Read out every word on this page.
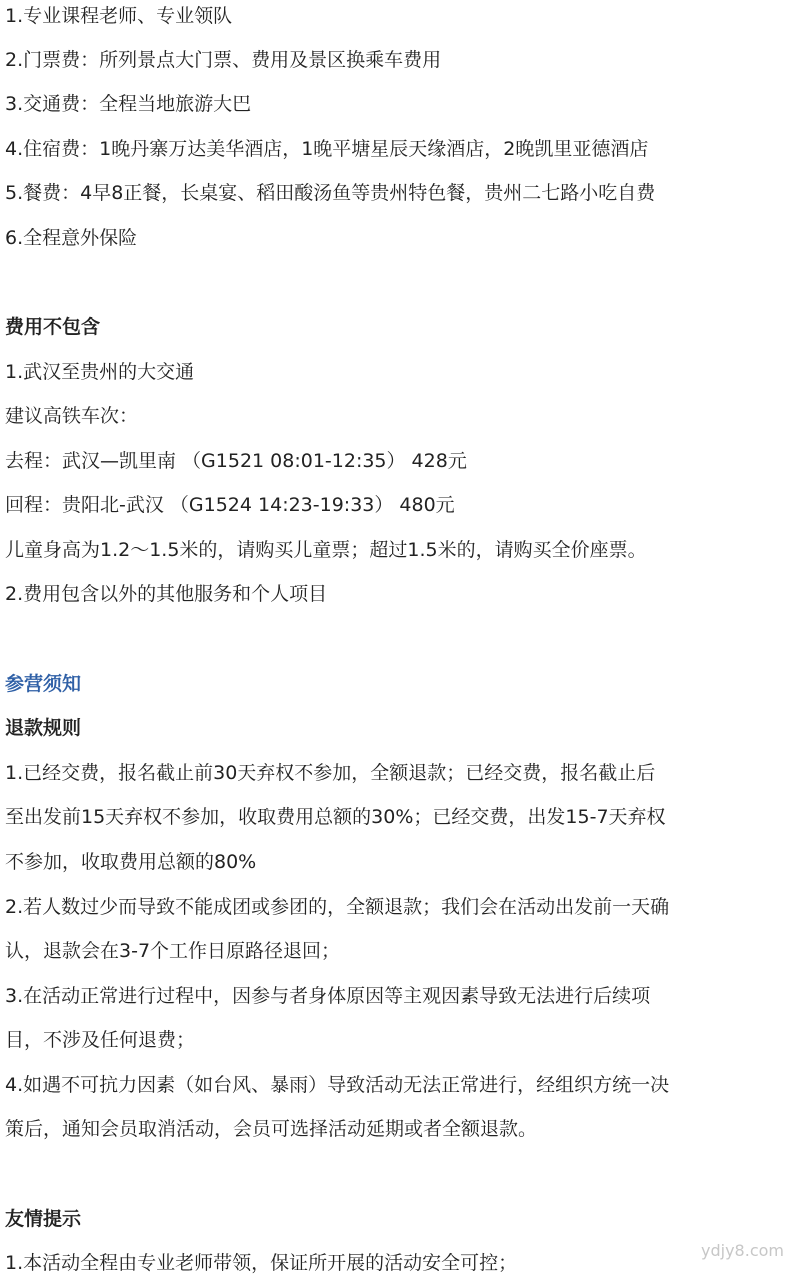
1.专业课程老师、专业领队
2.门票费：所列景点大门票、费用及景区换乘车费用
3.交通费：全程当地旅游大巴
4.住宿费：1晚丹寨万达美华酒店，1晚平塘星辰天缘酒店，2晚凯里亚德酒店
5.餐费：4早8正餐，长桌宴、稻田酸汤鱼等贵州特色餐，贵州二七路小吃自费
6.全程意外保险
费用不包含
1.武汉至贵州的大交通
建议高铁车次：
去程：武汉—凯里南 （G1521 08:01-12:35） 428元
回程：贵阳北-武汉 （G1524 14:23-19:33） 480元
儿童身高为1.2～1.5米的，请购买儿童票；超过1.5米的，请购买全价座票。
2.费用包含以外的其他服务和个人项目
参营须知
退款规则
1.已经交费，报名截止前30天弃权不参加，全额退款；已经交费，报名截止后
至出发前15天弃权不参加，收取费用总额的30%；已经交费，出发15-7天弃权
不参加，收取费用总额的80%
2.若人数过少而导致不能成团或参团的，全额退款；我们会在活动出发前一天确
认，退款会在3-7个工作日原路径退回；
3.在活动正常进行过程中，因参与者身体原因等主观因素导致无法进行后续项
目，不涉及任何退费；
4.如遇不可抗力因素（如台风、暴雨）导致活动无法正常进行，经组织方统一决
策后，通知会员取消活动，会员可选择活动延期或者全额退款。
友情提示
1.本活动全程由专业老师带领，保证所开展的活动安全可控；
ydjy8.com
